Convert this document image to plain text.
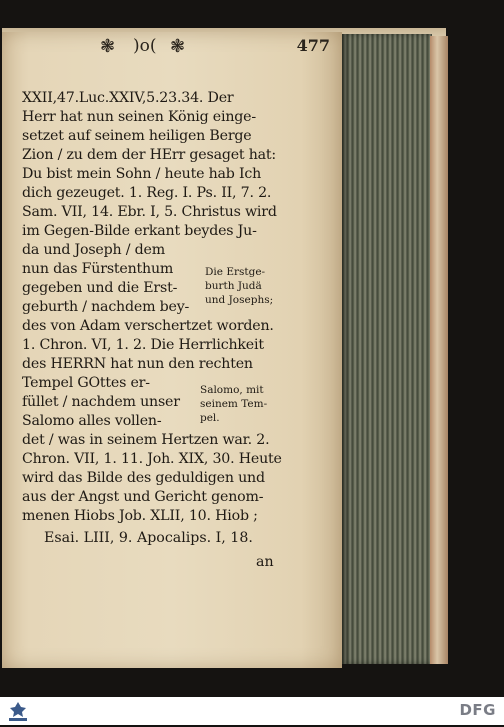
❃ )o( ❃	477
XXII,47.Luc.XXIV,5.23.34. Der
Herr hat nun seinen König einge-
setzet auf seinem heiligen Berge
Zion / zu dem der HErr gesaget hat:
Du bist mein Sohn / heute hab Ich
dich gezeuget. 1. Reg. I. Ps. II, 7. 2.
Sam. VII, 14. Ebr. I, 5. Christus wird
im Gegen-Bilde erkant beydes Ju-
da und Joseph / dem
nun das Fürstenthum
gegeben und die Erst-
geburth / nachdem bey-
des von Adam verschertzet worden.
1. Chron. VI, 1. 2. Die Herrlichkeit
des HERRN hat nun den rechten
Tempel GOttes er-
füllet / nachdem unser
Salomo alles vollen-
det / was in seinem Hertzen war. 2.
Chron. VII, 1. 11. Joh. XIX, 30. Heute
wird das Bilde des geduldigen und
aus der Angst und Gericht genom-
menen Hiobs Job. XLII, 10. Hiob ;
Die Erstge-
burth Judä
und Josephs;
Salomo, mit
seinem Tem-
pel.
Esai. LIII, 9. Apocalips. I, 18.
an
DFG
